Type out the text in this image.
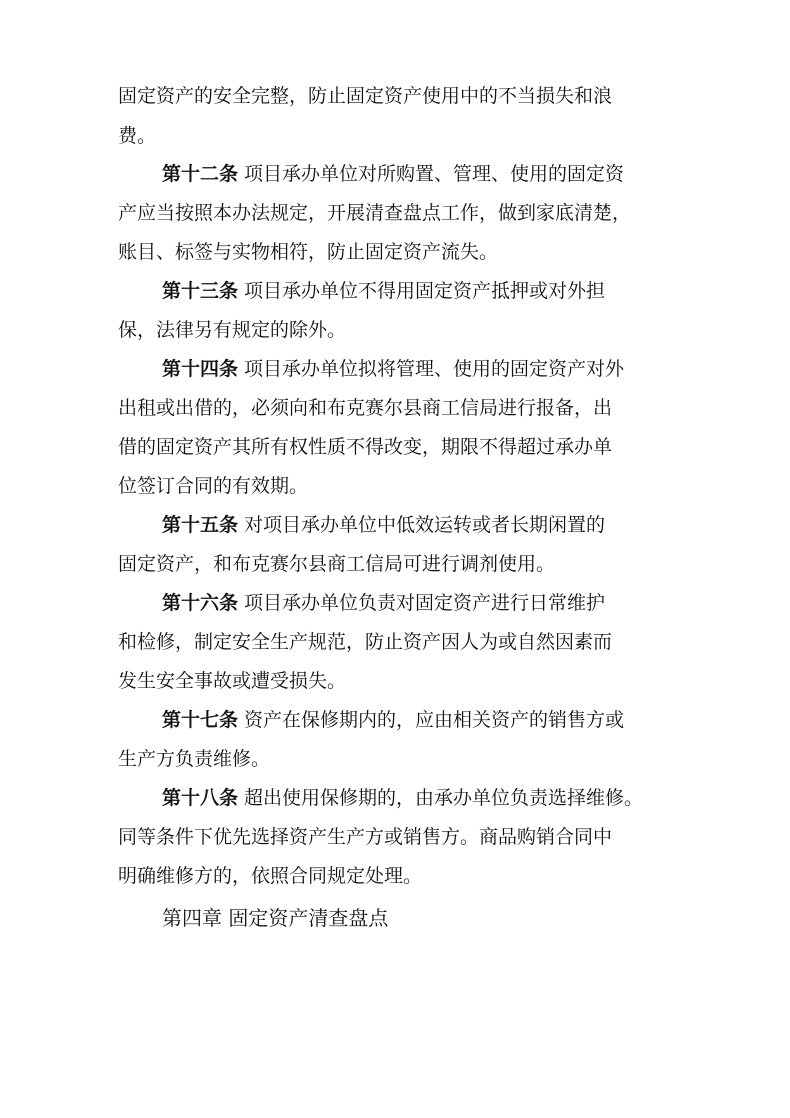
固定资产的安全完整，防止固定资产使用中的不当损失和浪
费。
第十二条 项目承办单位对所购置、管理、使用的固定资
产应当按照本办法规定，开展清查盘点工作，做到家底清楚，
账目、标签与实物相符，防止固定资产流失。
第十三条 项目承办单位不得用固定资产抵押或对外担
保，法律另有规定的除外。
第十四条 项目承办单位拟将管理、使用的固定资产对外
出租或出借的，必须向和布克赛尔县商工信局进行报备，出
借的固定资产其所有权性质不得改变，期限不得超过承办单
位签订合同的有效期。
第十五条 对项目承办单位中低效运转或者长期闲置的
固定资产，和布克赛尔县商工信局可进行调剂使用。
第十六条 项目承办单位负责对固定资产进行日常维护
和检修，制定安全生产规范，防止资产因人为或自然因素而
发生安全事故或遭受损失。
第十七条 资产在保修期内的，应由相关资产的销售方或
生产方负责维修。
第十八条 超出使用保修期的，由承办单位负责选择维修。
同等条件下优先选择资产生产方或销售方。商品购销合同中
明确维修方的，依照合同规定处理。
第四章 固定资产清查盘点
